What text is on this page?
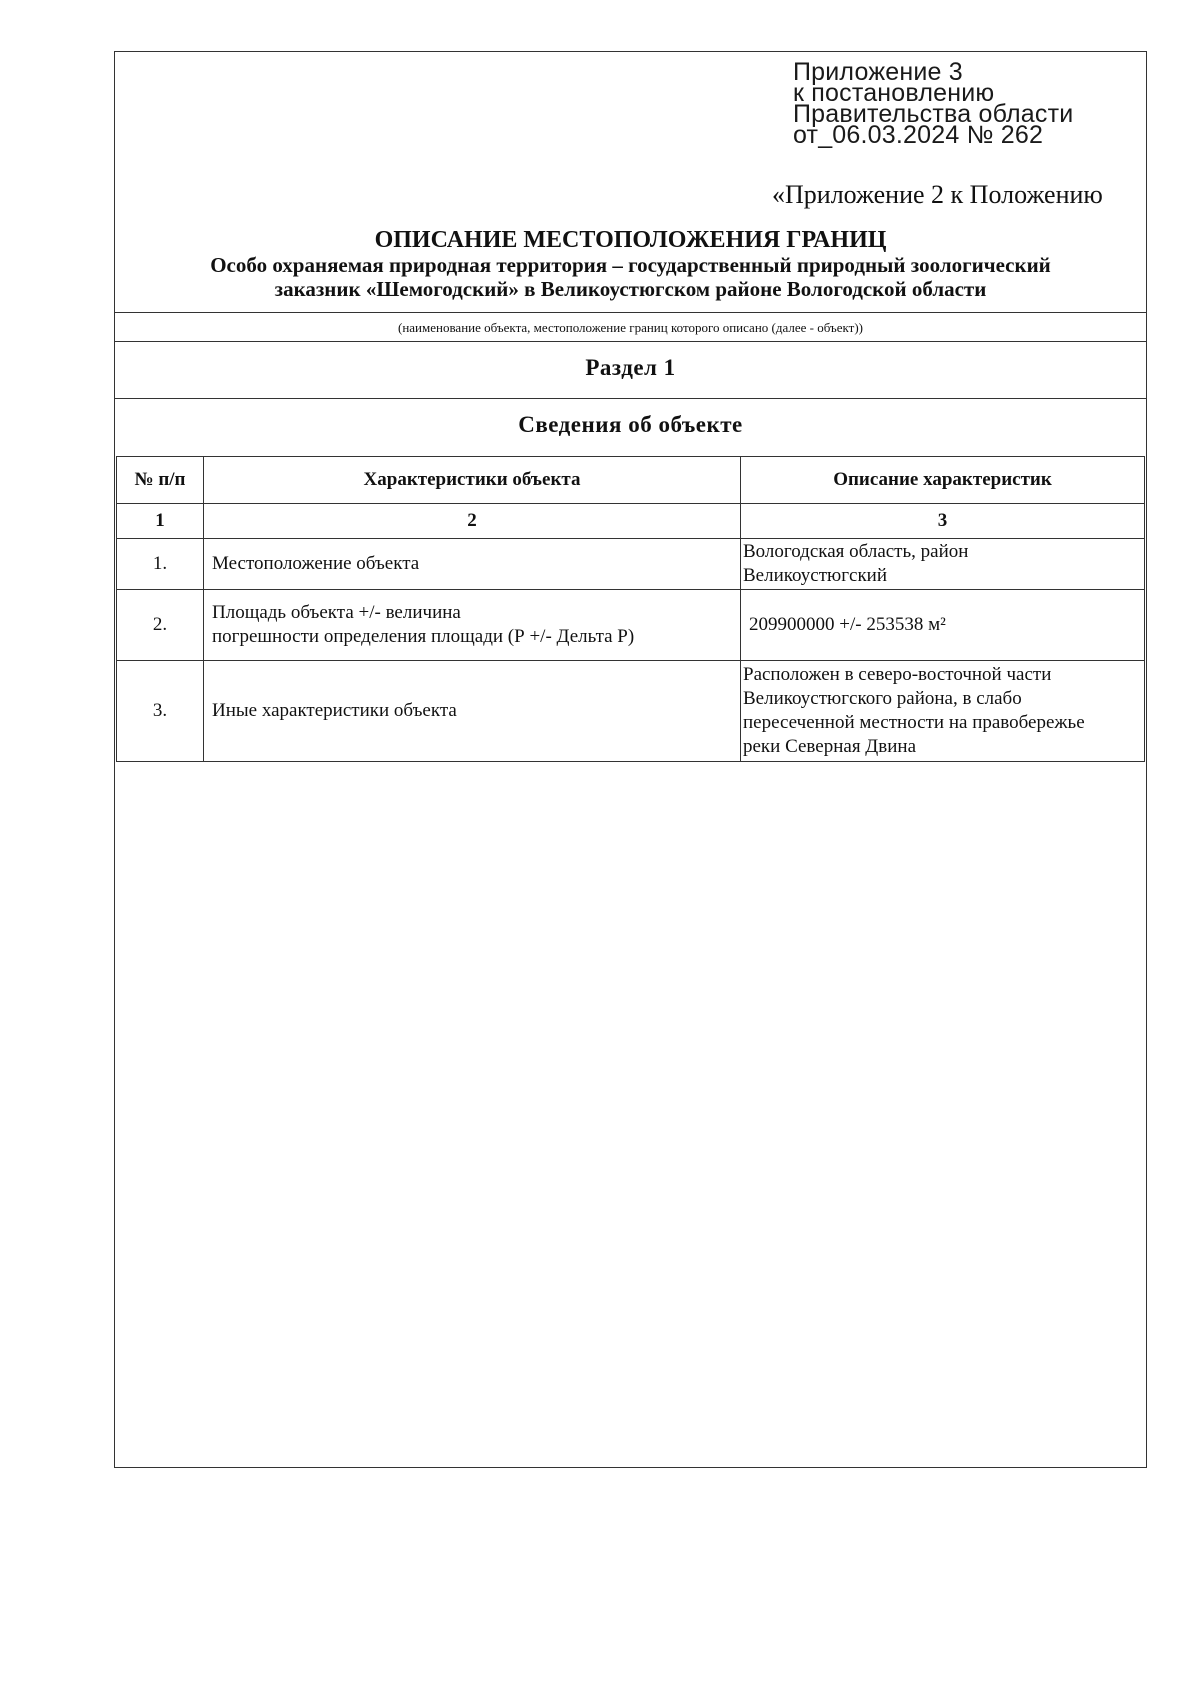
Приложение 3
к постановлению
Правительства области
от_06.03.2024 № 262
«Приложение 2 к Положению
ОПИСАНИЕ МЕСТОПОЛОЖЕНИЯ ГРАНИЦ
Особо охраняемая природная территория – государственный природный зоологический
заказник «Шемогодский» в Великоустюгском районе Вологодской области
(наименование объекта, местоположение границ которого описано (далее - объект))
Раздел 1
Сведения об объекте
№ п/п	Характеристики объекта	Описание характеристик
1	2	3
1.	Местоположение объекта	Вологодская область, район
Великоустюгский

2.	Площадь объекта +/- величина
погрешности определения площади (Р +/- Дельта Р)	209900000 +/- 253538 м²

3.	Иные характеристики объекта	Расположен в северо-восточной части
Великоустюгского района, в слабо
пересеченной местности на правобережье
реки Северная Двина
